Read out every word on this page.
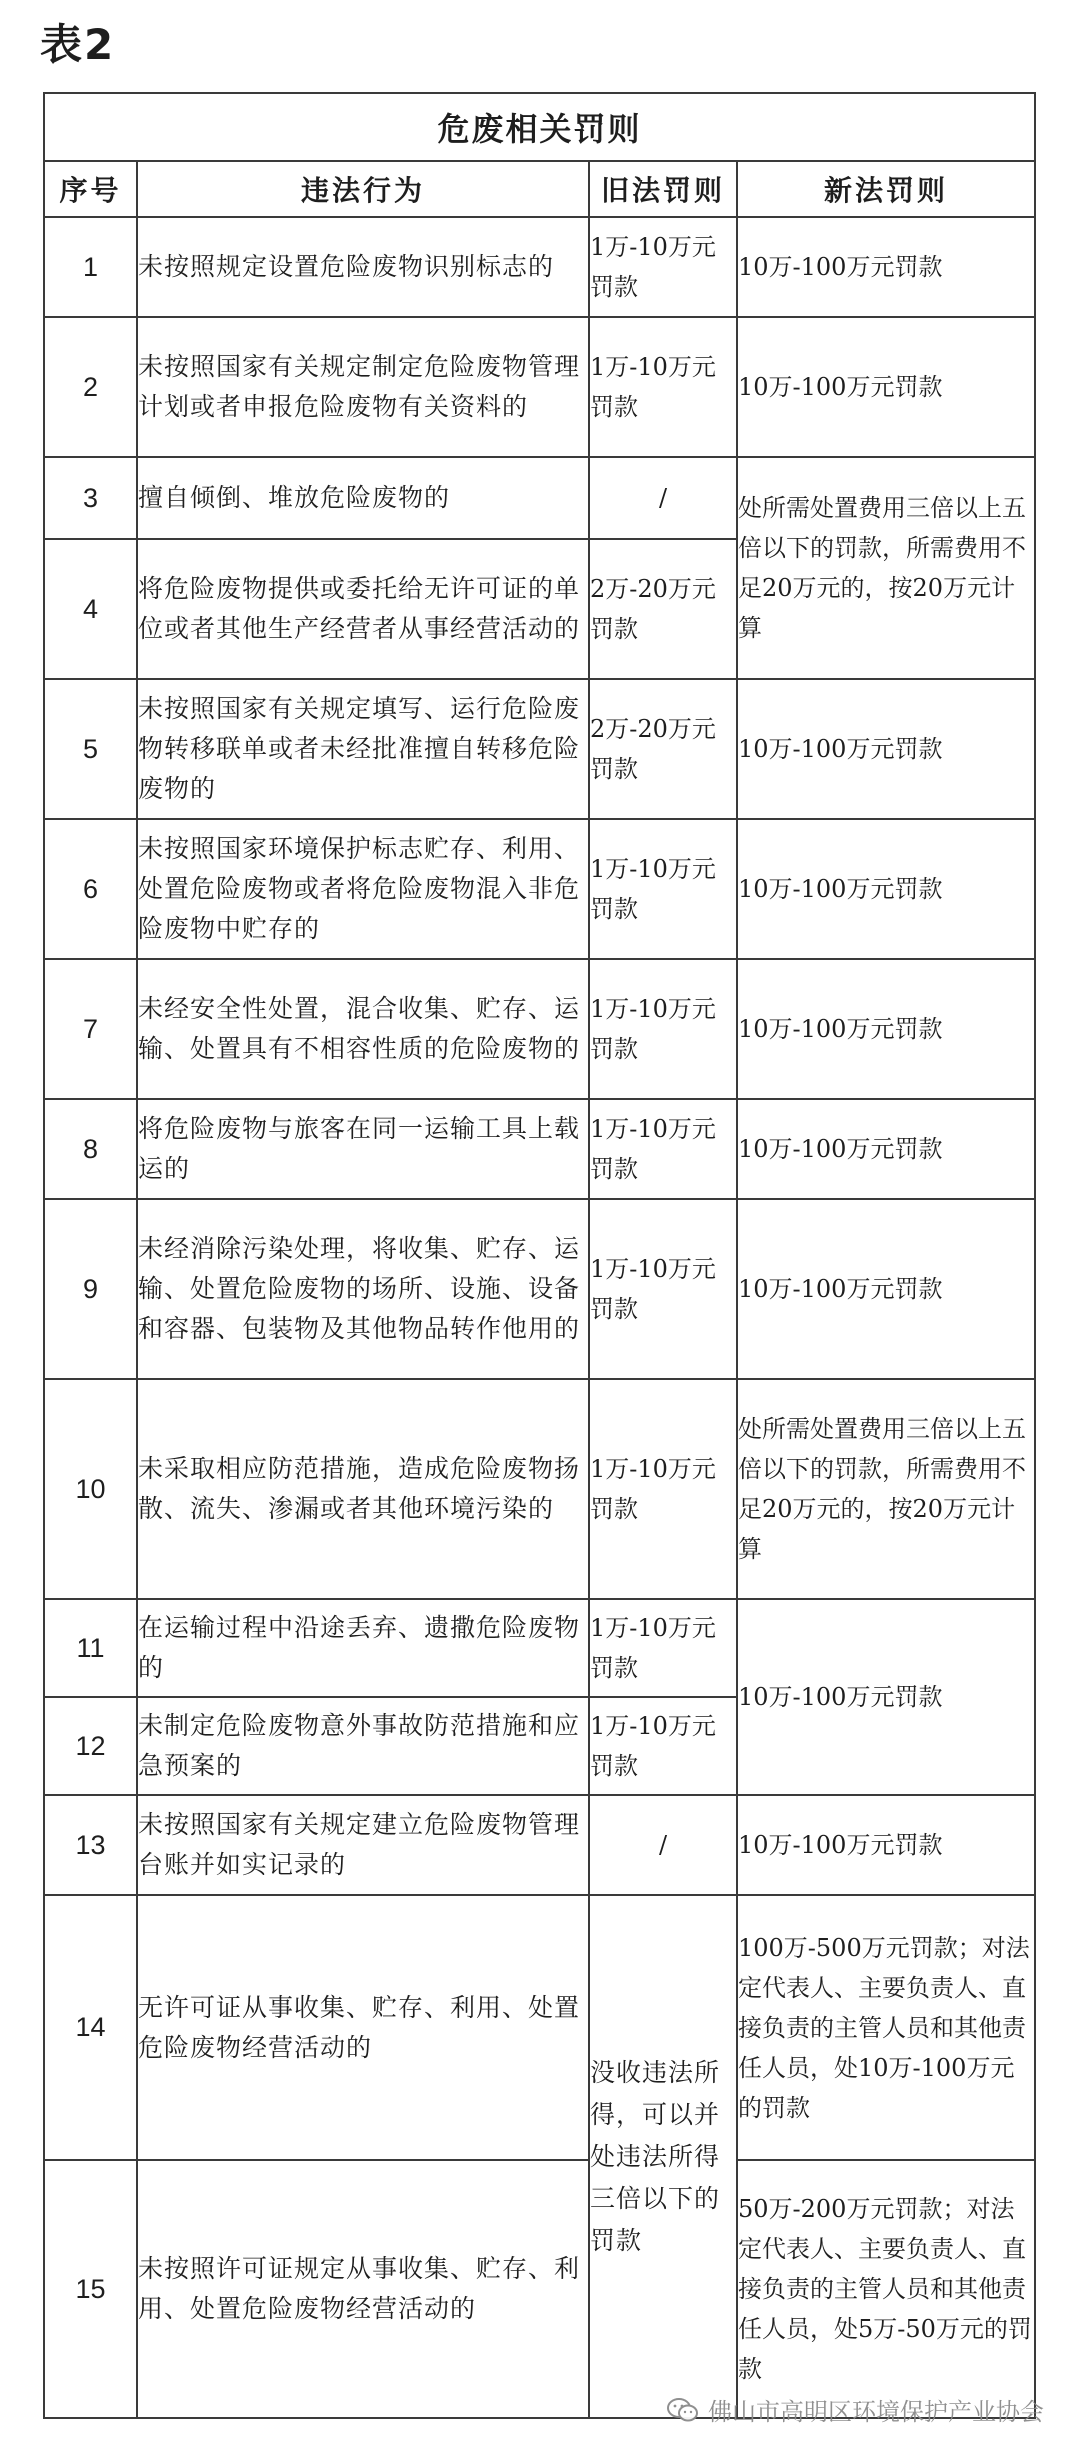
表2
危废相关罚则			
序号	违法行为	旧法罚则	新法罚则
1	未按照规定设置危险废物识别标志的	1万-10万元罚款	10万-100万元罚款
2	未按照国家有关规定制定危险废物管理计划或者申报危险废物有关资料的	1万-10万元罚款	10万-100万元罚款
3	擅自倾倒、堆放危险废物的	/	处所需处置费用三倍以上五倍以下的罚款，所需费用不足20万元的，按20万元计算
4	将危险废物提供或委托给无许可证的单位或者其他生产经营者从事经营活动的	2万-20万元罚款	
5	未按照国家有关规定填写、运行危险废物转移联单或者未经批准擅自转移危险废物的	2万-20万元罚款	10万-100万元罚款
6	未按照国家环境保护标志贮存、利用、处置危险废物或者将危险废物混入非危险废物中贮存的	1万-10万元罚款	10万-100万元罚款
7	未经安全性处置，混合收集、贮存、运输、处置具有不相容性质的危险废物的	1万-10万元罚款	10万-100万元罚款
8	将危险废物与旅客在同一运输工具上载运的	1万-10万元罚款	10万-100万元罚款
9	未经消除污染处理，将收集、贮存、运输、处置危险废物的场所、设施、设备和容器、包装物及其他物品转作他用的	1万-10万元罚款	10万-100万元罚款
10	未采取相应防范措施，造成危险废物扬散、流失、渗漏或者其他环境污染的	1万-10万元罚款	处所需处置费用三倍以上五倍以下的罚款，所需费用不足20万元的，按20万元计算
11	在运输过程中沿途丢弃、遗撒危险废物的	1万-10万元罚款	10万-100万元罚款
12	未制定危险废物意外事故防范措施和应急预案的	1万-10万元罚款	
13	未按照国家有关规定建立危险废物管理台账并如实记录的	/	10万-100万元罚款
14	无许可证从事收集、贮存、利用、处置危险废物经营活动的	没收违法所得，可以并处违法所得三倍以下的罚款	100万-500万元罚款；对法定代表人、主要负责人、直接负责的主管人员和其他责任人员，处10万-100万元的罚款
15	未按照许可证规定从事收集、贮存、利用、处置危险废物经营活动的		50万-200万元罚款；对法定代表人、主要负责人、直接负责的主管人员和其他责任人员，处5万-50万元的罚款
佛山市高明区环境保护产业协会
